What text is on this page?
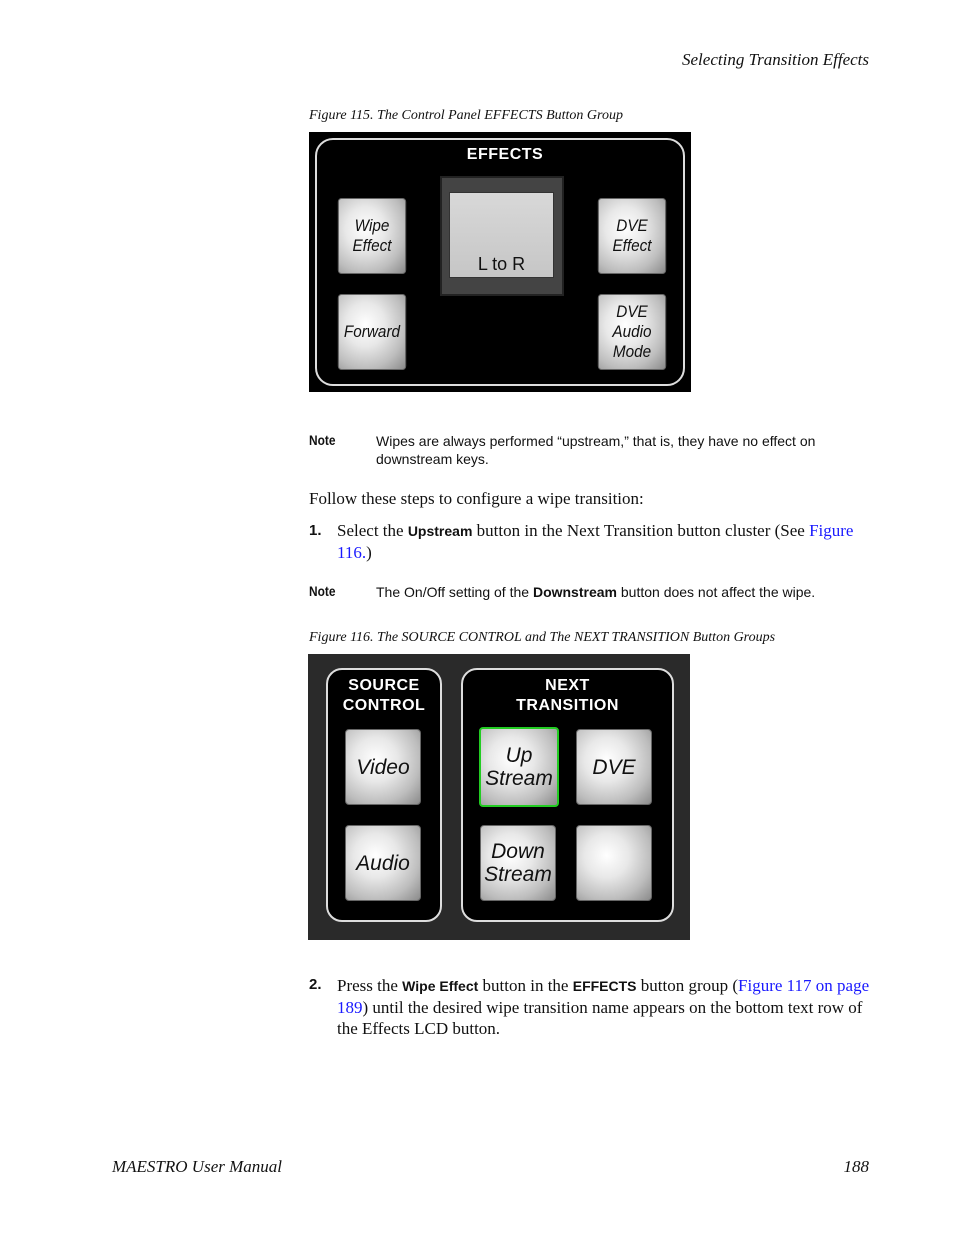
Selecting Transition Effects
Figure 115. The Control Panel EFFECTS Button Group
EFFECTS
Wipe Effect
Forward
L to R
DVE Effect
DVE Audio Mode
Note	Wipes are always performed “upstream,” that is, they have no effect on downstream keys.
Follow these steps to configure a wipe transition:
1. Select the Upstream button in the Next Transition button cluster (See Figure 116.)
Note	The On/Off setting of the Downstream button does not affect the wipe.
Figure 116. The SOURCE CONTROL and The NEXT TRANSITION Button Groups
SOURCE
CONTROL
Video
Audio
NEXT
TRANSITION
Up Stream	DVE
Down Stream
2. Press the Wipe Effect button in the EFFECTS button group (Figure 117 on page 189) until the desired wipe transition name appears on the bottom text row of the Effects LCD button.
MAESTRO User Manual	188
